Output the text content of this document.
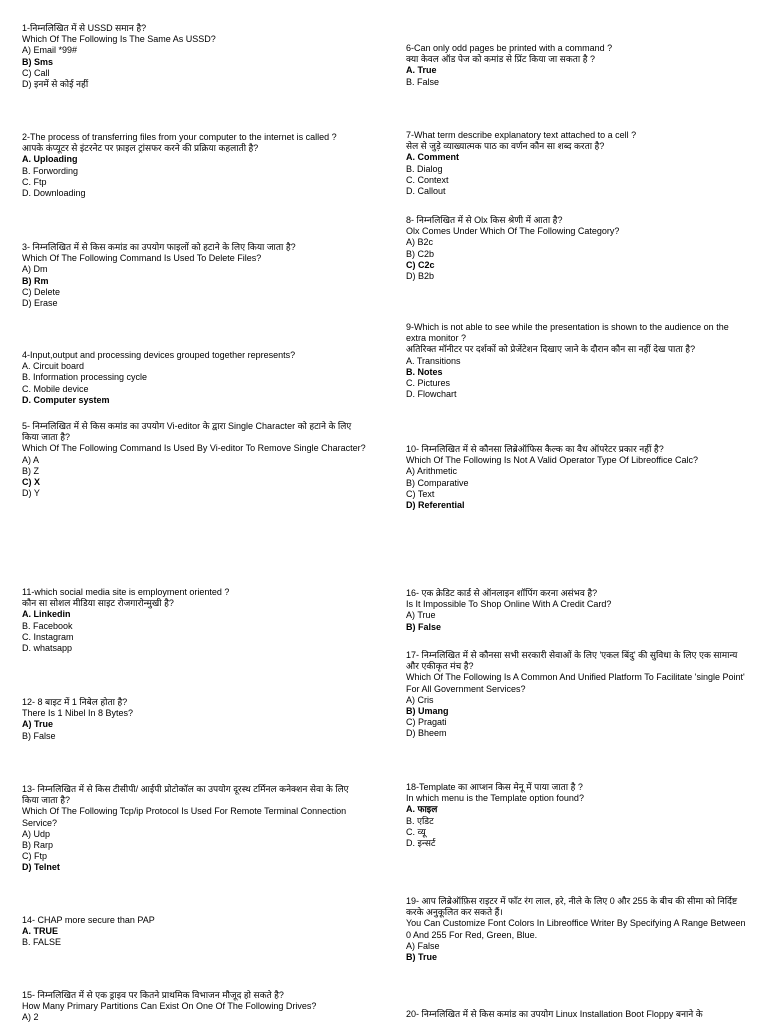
1-निम्नलिखित में से USSD समान है?
Which Of The Following Is The Same As USSD?
A) Email *99#
B) Sms
C) Call
D) इनमें से कोई नहीं
2-The process of transferring files from your computer to the internet is called ?
आपके कंप्यूटर से इंटरनेट पर फ़ाइल ट्रांसफर करने की प्रक्रिया कहलाती है?
A. Uploading
B. Forwording
C. Ftp
D. Downloading
3- निम्नलिखित में से किस कमांड का उपयोग फाइलों को हटाने के लिए किया जाता है?
Which Of The Following Command Is Used To Delete Files?
A) Dm
B) Rm
C) Delete
D) Erase
4-Input,output and processing devices grouped together represents?
A. Circuit board
B. Information processing cycle
C. Mobile device
D. Computer system
5- निम्नलिखित में से किस कमांड का उपयोग Vi-editor के द्वारा Single Character को हटाने के लिए किया जाता है?
Which Of The Following Command Is Used By Vi-editor To Remove Single Character?
A) A
B) Z
C) X
D) Y
11-which social media site is employment oriented ?
कौन सा सोशल मीडिया साइट रोजगारोन्मुखी है?
A. Linkedin
B. Facebook
C. Instagram
D. whatsapp
12- 8 बाइट में 1 निबेल होता है?
There Is 1 Nibel In 8 Bytes?
A) True
B) False
13- निम्नलिखित में से किस टीसीपी/ आईपी प्रोटोकॉल का उपयोग दूरस्थ टर्मिनल कनेक्शन सेवा के लिए किया जाता है?
Which Of The Following Tcp/ip Protocol Is Used For Remote Terminal Connection Service?
A) Udp
B) Rarp
C) Ftp
D) Telnet
14- CHAP more secure than PAP
A. TRUE
B. FALSE
15- निम्नलिखित में से एक ड्राइव पर कितने प्राथमिक विभाजन मौजूद हो सकते है?
How Many Primary Partitions Can Exist On One Of The Following Drives?
A) 2
6-Can only odd pages be printed with a command ?
क्या केवल ऑड पेज को कमांड से प्रिंट किया जा सकता है ?
A. True
B. False
7-What term describe explanatory text attached to a cell ?
सेल से जुड़े व्याख्यात्मक पाठ का वर्णन कौन सा शब्द करता है?
A. Comment
B. Dialog
C. Context
D. Callout
8- निम्नलिखित में से Olx किस श्रेणी में आता है?
Olx Comes Under Which Of The Following Category?
A) B2c
B) C2b
C) C2c
D) B2b
9-Which is not able to see while the presentation is shown to the audience on the extra monitor ?
अतिरिक्त मॉनीटर पर दर्शकों को प्रेजेंटेशन दिखाए जाने के दौरान कौन सा नहीं देख पाता है?
A. Transitions
B. Notes
C. Pictures
D. Flowchart
10- निम्नलिखित में से कौनसा लिब्रेऑफिस कैल्क का वैध ऑपरेटर प्रकार नहीं है?
Which Of The Following Is Not A Valid Operator Type Of Libreoffice Calc?
A) Arithmetic
B) Comparative
C) Text
D) Referential
16- एक क्रेडिट कार्ड से ऑनलाइन शॉपिंग करना असंभव है?
Is It Impossible To Shop Online With A Credit Card?
A) True
B) False
17- निम्नलिखित में से कौनसा सभी सरकारी सेवाओं के लिए 'एकल बिंदु' की सुविधा के लिए एक सामान्य और एकीकृत मंच है?
Which Of The Following Is A Common And Unified Platform To Facilitate 'single Point' For All Government Services?
A) Cris
B) Umang
C) Pragati
D) Bheem
18-Template का आप्शन किस मेनू में पाया जाता है ?
In which menu is the Template option found?
A. फाइल
B. एडिट
C. व्यू
D. इन्सर्ट
19- आप लिब्रेऑफ़िस राइटर में फॉंट रंग लाल, हरे, नीले के लिए 0 और 255 के बीच की सीमा को निर्दिष्ट करके अनुकूलित कर सकते हैं।
You Can Customize Font Colors In Libreoffice Writer By Specifying A Range Between 0 And 255 For Red, Green, Blue.
A) False
B) True
20- निम्नलिखित में से किस कमांड का उपयोग Linux Installation Boot Floppy बनाने के
